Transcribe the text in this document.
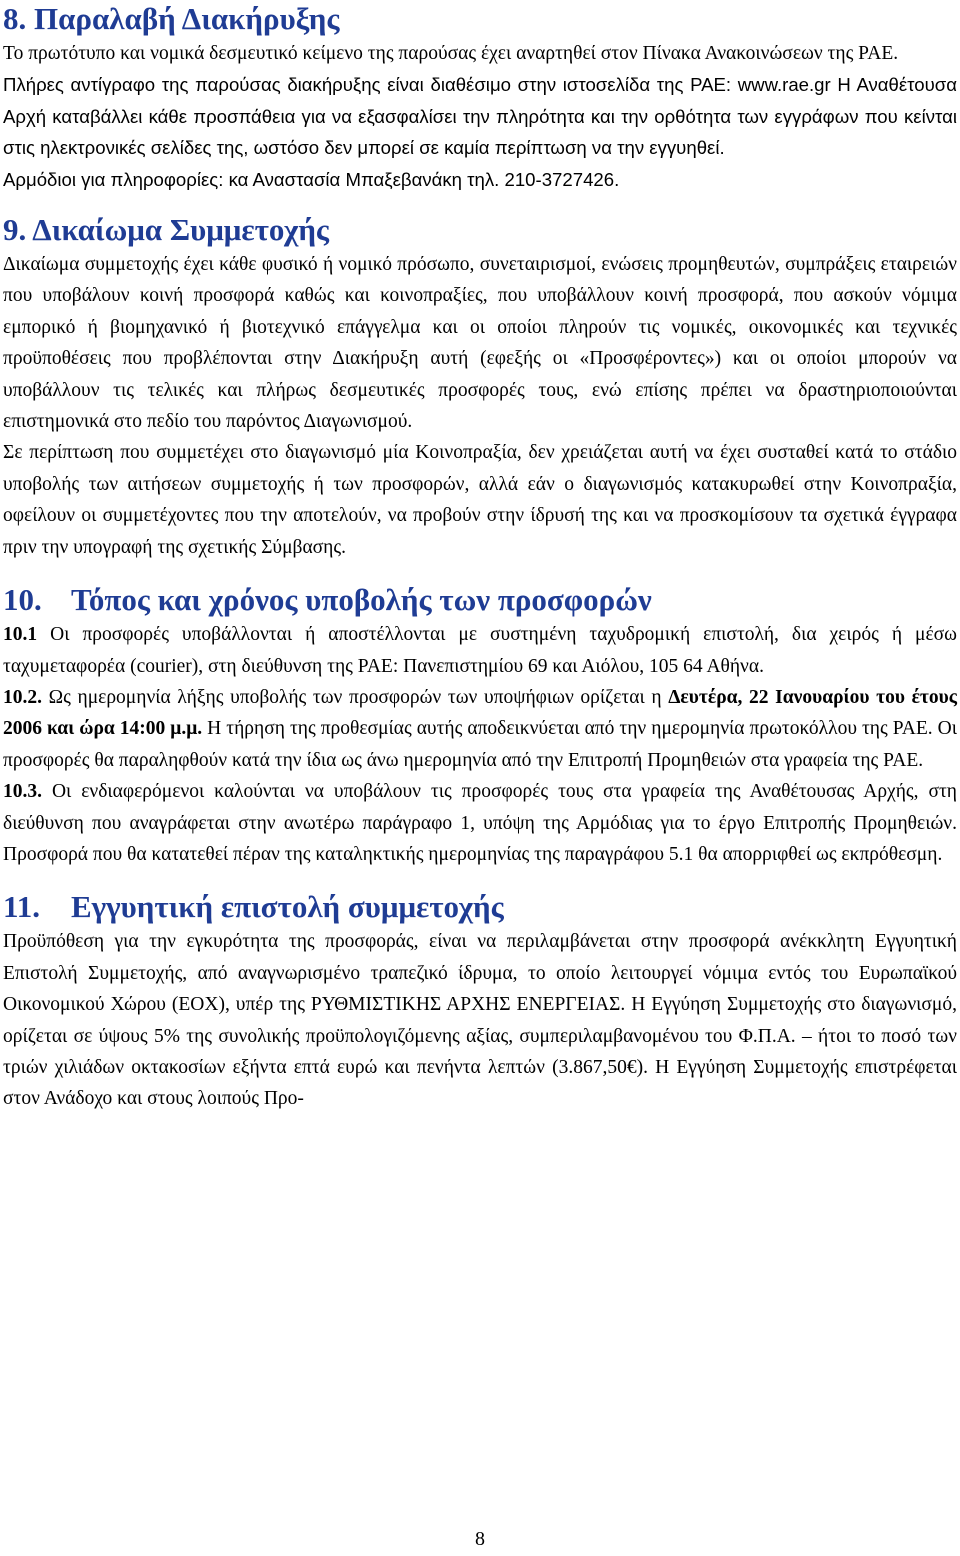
8. Παραλαβή Διακήρυξης

Το πρωτότυπο και νομικά δεσμευτικό κείμενο της παρούσας έχει αναρτηθεί στον Πίνακα Ανακοινώσεων της ΡΑΕ.

Πλήρες αντίγραφο της παρούσας διακήρυξης είναι διαθέσιμο στην ιστοσελίδα της ΡΑΕ: www.rae.gr Η Αναθέτουσα Αρχή καταβάλλει κάθε προσπάθεια για να εξασφαλίσει την πληρότητα και την ορθότητα των εγγράφων που κείνται στις ηλεκτρονικές σελίδες της, ωστόσο δεν μπορεί σε καμία περίπτωση να την εγγυηθεί.

Αρμόδιοι για πληροφορίες: κα Αναστασία Μπαξεβανάκη τηλ. 210-3727426.

9. Δικαίωμα Συμμετοχής

Δικαίωμα συμμετοχής έχει κάθε φυσικό ή νομικό πρόσωπο, συνεταιρισμοί, ενώσεις προμηθευτών, συμπράξεις εταιρειών που υποβάλουν κοινή προσφορά καθώς και κοινοπραξίες, που υποβάλλουν κοινή προσφορά, που ασκούν νόμιμα εμπορικό ή βιομηχανικό ή βιοτεχνικό επάγγελμα και οι οποίοι πληρούν τις νομικές, οικονομικές και τεχνικές προϋποθέσεις που προβλέπονται στην Διακήρυξη αυτή (εφεξής οι «Προσφέροντες») και οι οποίοι μπορούν να υποβάλλουν τις τελικές και πλήρως δεσμευτικές προσφορές τους, ενώ επίσης πρέπει να δραστηριοποιούνται επιστημονικά στο πεδίο του παρόντος Διαγωνισμού.

Σε περίπτωση που συμμετέχει στο διαγωνισμό μία Κοινοπραξία, δεν χρειάζεται αυτή να έχει συσταθεί κατά το στάδιο υποβολής των αιτήσεων συμμετοχής ή των προσφορών, αλλά εάν ο διαγωνισμός κατακυρωθεί στην Κοινοπραξία, οφείλουν οι συμμετέχοντες που την αποτελούν, να προβούν στην ίδρυσή της και να προσκομίσουν τα σχετικά έγγραφα πριν την υπογραφή της σχετικής Σύμβασης.

10. Τόπος και χρόνος υποβολής των προσφορών

10.1 Οι προσφορές υποβάλλονται ή αποστέλλονται με συστημένη ταχυδρομική επιστολή, δια χειρός ή μέσω ταχυμεταφορέα (courier), στη διεύθυνση της ΡΑΕ: Πανεπιστημίου 69 και Αιόλου, 105 64 Αθήνα.

10.2. Ως ημερομηνία λήξης υποβολής των προσφορών των υποψήφιων ορίζεται η Δευτέρα, 22 Ιανουαρίου του έτους 2006 και ώρα 14:00 μ.μ. Η τήρηση της προθεσμίας αυτής αποδεικνύεται από την ημερομηνία πρωτοκόλλου της ΡΑΕ. Οι προσφορές θα παραληφθούν κατά την ίδια ως άνω ημερομηνία από την Επιτροπή Προμηθειών στα γραφεία της ΡΑΕ.

10.3. Οι ενδιαφερόμενοι καλούνται να υποβάλουν τις προσφορές τους στα γραφεία της Αναθέτουσας Αρχής, στη διεύθυνση που αναγράφεται στην ανωτέρω παράγραφο 1, υπόψη της Αρμόδιας για το έργο Επιτροπής Προμηθειών. Προσφορά που θα κατατεθεί πέραν της καταληκτικής ημερομηνίας της παραγράφου 5.1 θα απορριφθεί ως εκπρόθεσμη.

11. Εγγυητική επιστολή συμμετοχής

Προϋπόθεση για την εγκυρότητα της προσφοράς, είναι να περιλαμβάνεται στην προσφορά ανέκκλητη Εγγυητική Επιστολή Συμμετοχής, από αναγνωρισμένο τραπεζικό ίδρυμα, το οποίο λειτουργεί νόμιμα εντός του Ευρωπαϊκού Οικονομικού Χώρου (ΕΟΧ), υπέρ της ΡΥΘΜΙΣΤΙΚΗΣ ΑΡΧΗΣ ΕΝΕΡΓΕΙΑΣ. Η Εγγύηση Συμμετοχής στο διαγωνισμό, ορίζεται σε ύψους 5% της συνολικής προϋπολογιζόμενης αξίας, συμπεριλαμβανομένου του Φ.Π.Α. – ήτοι το ποσό των τριών χιλιάδων οκτακοσίων εξήντα επτά ευρώ και πενήντα λεπτών (3.867,50€). Η Εγγύηση Συμμετοχής επιστρέφεται στον Ανάδοχο και στους λοιπούς Προ-

8
